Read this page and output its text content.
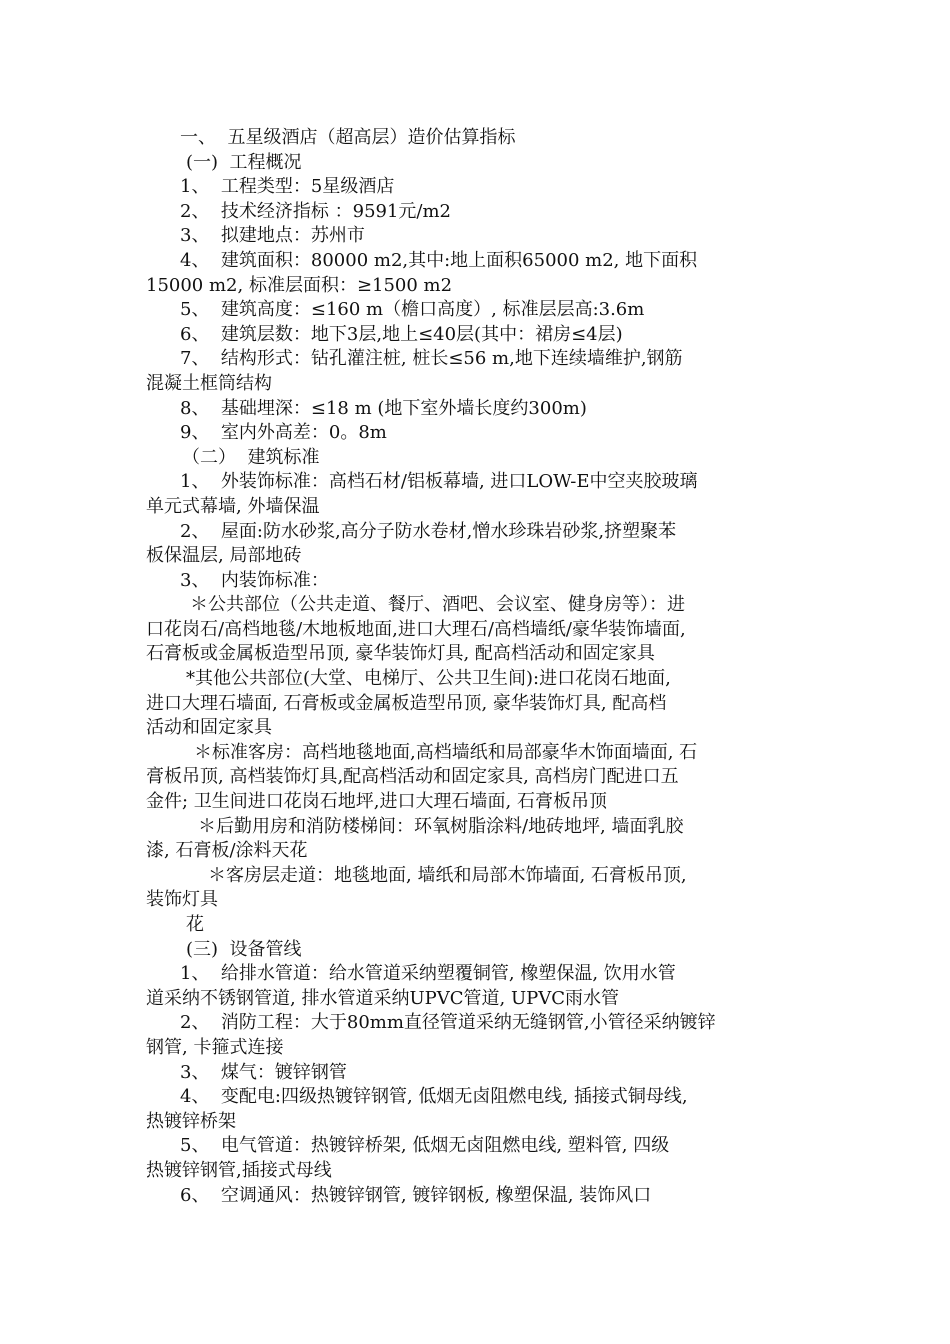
一、  五星级酒店（超高层）造价估算指标
(一)  工程概况
1、  工程类型：5星级酒店
2、  技术经济指标 ：9591元/m2
3、  拟建地点：苏州市
4、  建筑面积：80000 m2,其中:地上面积65000 m2, 地下面积
15000 m2, 标准层面积：≥1500 m2
5、  建筑高度：≤160 m（檐口高度）, 标准层层高:3.6m
6、  建筑层数：地下3层,地上≤40层(其中：裙房≤4层)
7、  结构形式：钻孔灌注桩, 桩长≤56 m,地下连续墙维护,钢筋
混凝土框筒结构
8、  基础埋深：≤18 m (地下室外墙长度约300m)
9、  室内外高差：0。8m
（二）  建筑标准
1、  外装饰标准：高档石材/铝板幕墙, 进口LOW-E中空夹胶玻璃
单元式幕墙, 外墙保温
2、  屋面:防水砂浆,高分子防水卷材,憎水珍珠岩砂浆,挤塑聚苯
板保温层, 局部地砖
3、  内装饰标准：
＊公共部位（公共走道、餐厅、酒吧、会议室、健身房等）：进
口花岗石/高档地毯/木地板地面,进口大理石/高档墙纸/豪华装饰墙面,
石膏板或金属板造型吊顶, 豪华装饰灯具, 配高档活动和固定家具
*其他公共部位(大堂、电梯厅、公共卫生间):进口花岗石地面,
进口大理石墙面, 石膏板或金属板造型吊顶, 豪华装饰灯具, 配高档
活动和固定家具
＊标准客房：高档地毯地面,高档墙纸和局部豪华木饰面墙面, 石
膏板吊顶, 高档装饰灯具,配高档活动和固定家具, 高档房门配进口五
金件; 卫生间进口花岗石地坪,进口大理石墙面, 石膏板吊顶
＊后勤用房和消防楼梯间：环氧树脂涂料/地砖地坪, 墙面乳胶
漆, 石膏板/涂料天花
＊客房层走道：地毯地面, 墙纸和局部木饰墙面, 石膏板吊顶,
装饰灯具
花
(三)  设备管线
1、  给排水管道：给水管道采纳塑覆铜管, 橡塑保温, 饮用水管
道采纳不锈钢管道, 排水管道采纳UPVC管道, UPVC雨水管
2、  消防工程：大于80mm直径管道采纳无缝钢管,小管径采纳镀锌
钢管, 卡箍式连接
3、  煤气：镀锌钢管
4、  变配电:四级热镀锌钢管, 低烟无卤阻燃电线, 插接式铜母线,
热镀锌桥架
5、  电气管道：热镀锌桥架, 低烟无卤阻燃电线, 塑料管, 四级
热镀锌钢管,插接式母线
6、  空调通风：热镀锌钢管, 镀锌钢板, 橡塑保温, 装饰风口
